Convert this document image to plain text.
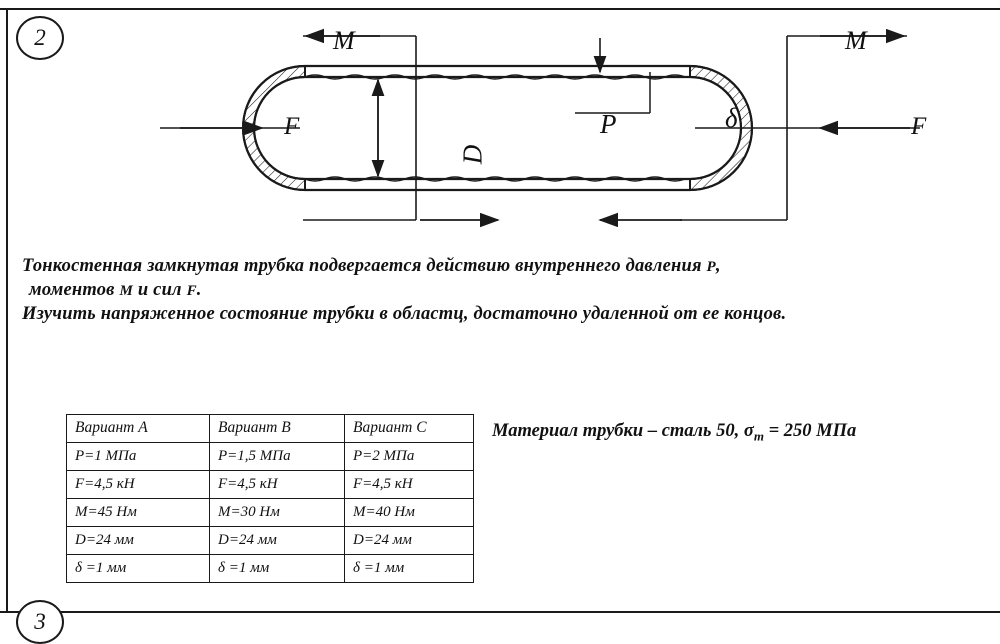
2
3
M	M
F	F
P	δ
D

Тонкостенная замкнутая трубка подвергается действию внутреннего давления P,

моментов M и сил F.

Изучить напряженное состояние трубки в областц, достаточно удаленной от ее концов.

Вариант A	Вариант B	Вариант C
P=1 МПа	P=1,5 МПа	P=2 МПа
F=4,5 кН	F=4,5 кН	F=4,5 кН
M=45 Нм	M=30 Нм	M=40 Нм
D=24 мм	D=24 мм	D=24 мм
δ =1 мм	δ =1 мм	δ =1 мм
Материал трубки – сталь 50, $\sigma_т = 250$ МПа
